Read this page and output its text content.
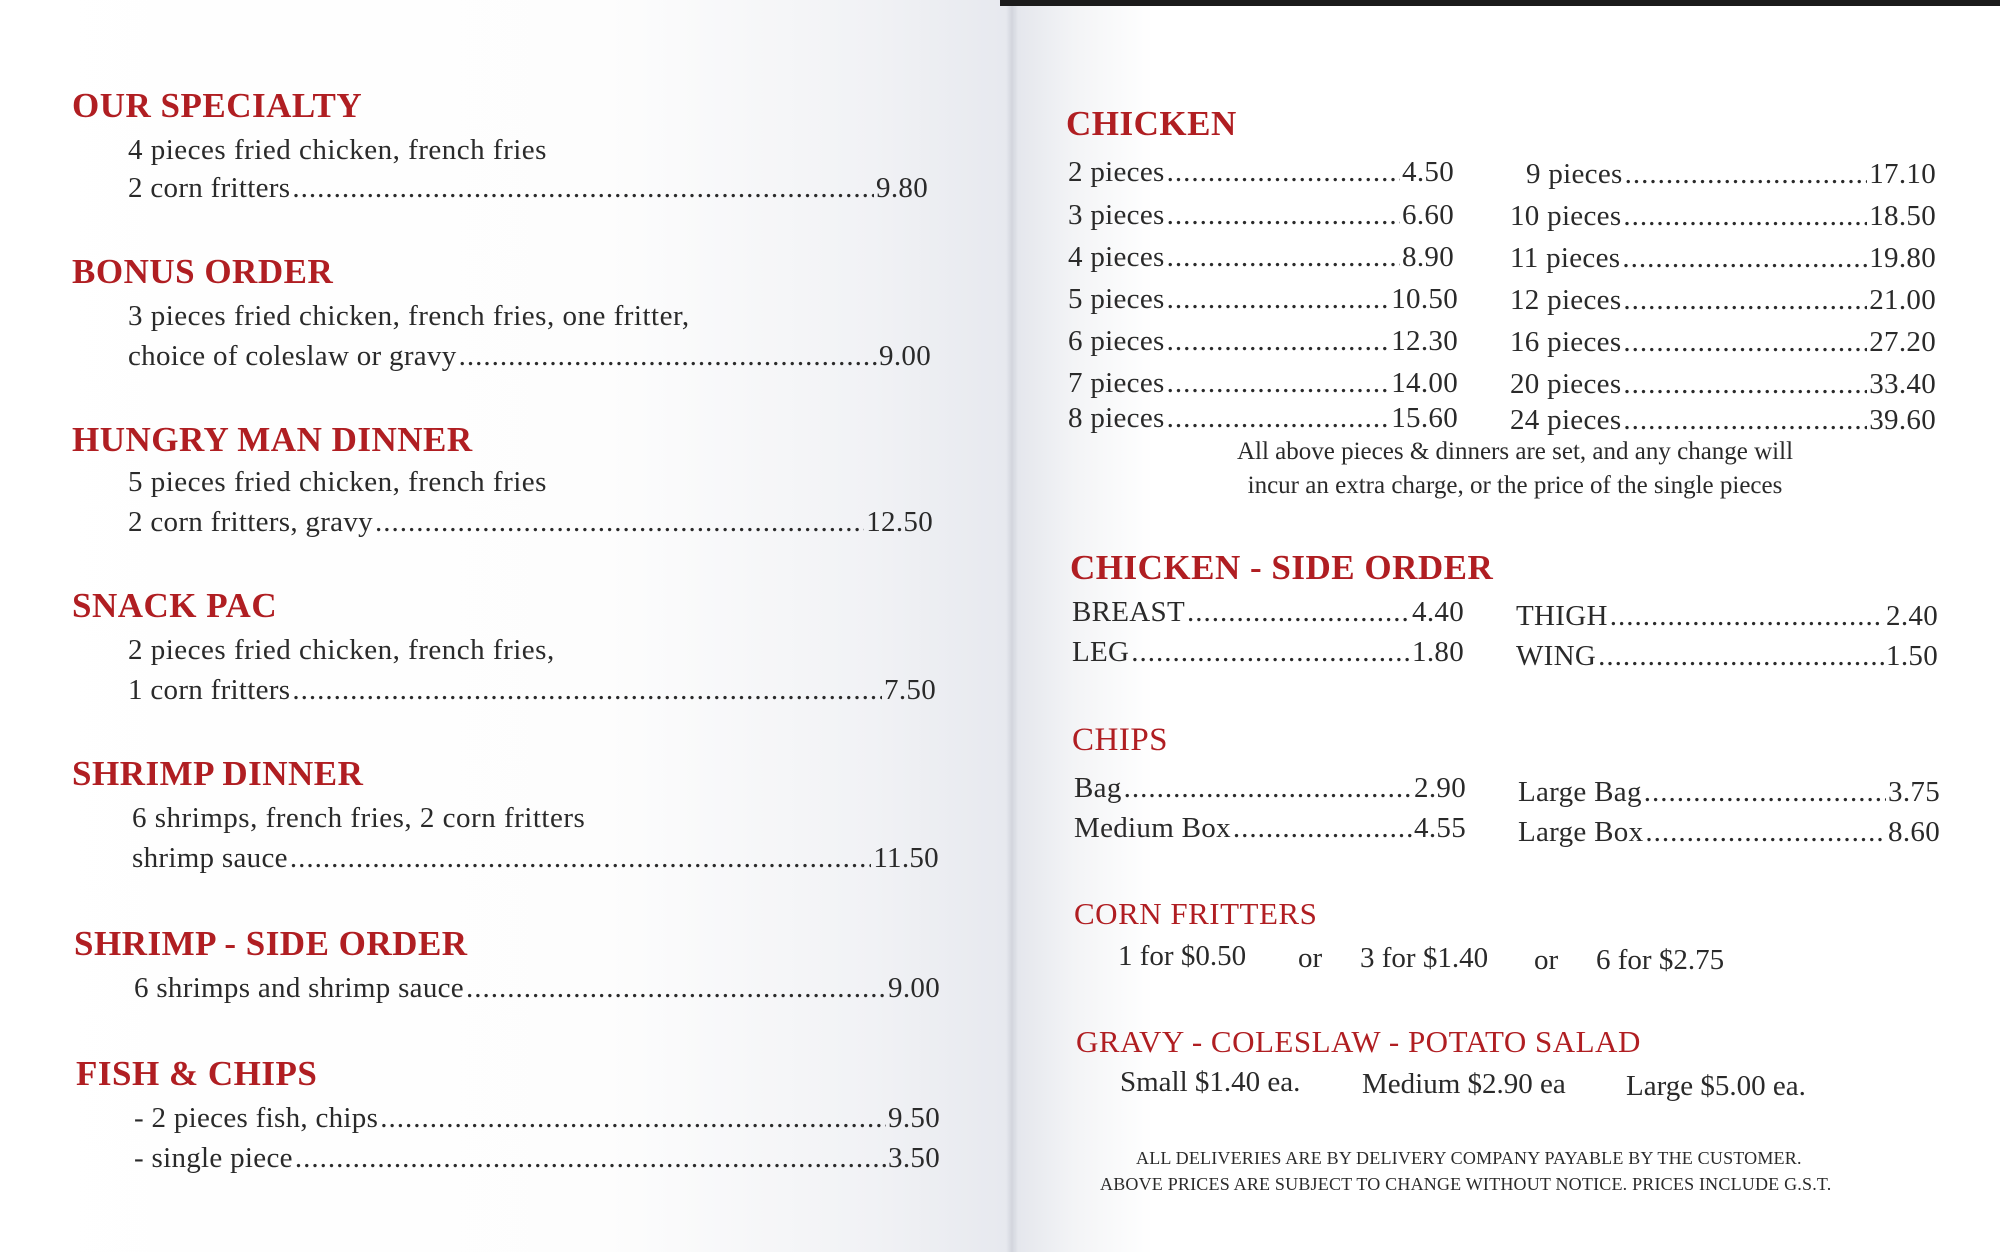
OUR SPECIALTY
4 pieces fried chicken, french fries
2 corn fritters .....	9.80
BONUS ORDER
3 pieces fried chicken, french fries, one fritter,
choice of coleslaw or gravy .....	9.00
HUNGRY MAN DINNER
5 pieces fried chicken, french fries
2 corn fritters, gravy .....	12.50
SNACK PAC
2 pieces fried chicken, french fries,
1 corn fritters .....	7.50
SHRIMP DINNER
6 shrimps, french fries, 2 corn fritters
shrimp sauce .....	11.50
SHRIMP - SIDE ORDER
6 shrimps and shrimp sauce .....	9.00
FISH & CHIPS
- 2 pieces fish, chips .....	9.50
- single piece .....	3.50
CHICKEN
2 pieces .....	4.50
3 pieces .....	6.60
4 pieces .....	8.90
5 pieces .....	10.50
6 pieces .....	12.30
7 pieces .....	14.00
8 pieces .....	15.60
9 pieces .....	17.10
10 pieces .....	18.50
11 pieces .....	19.80
12 pieces .....	21.00
16 pieces .....	27.20
20 pieces .....	33.40
24 pieces .....	39.60
All above pieces & dinners are set, and any change will
incur an extra charge, or the price of the single pieces
CHICKEN - SIDE ORDER
BREAST .....	4.40
LEG .....	1.80
THIGH .....	2.40
WING .....	1.50
CHIPS
Bag .....	2.90
Medium Box .....	4.55
Large Bag .....	3.75
Large Box .....	8.60
CORN FRITTERS
1 for $0.50 or 3 for $1.40 or 6 for $2.75
GRAVY - COLESLAW - POTATO SALAD
Small $1.40 ea. Medium $2.90 ea Large $5.00 ea.
ALL DELIVERIES ARE BY DELIVERY COMPANY PAYABLE BY THE CUSTOMER.
ABOVE PRICES ARE SUBJECT TO CHANGE WITHOUT NOTICE. PRICES INCLUDE G.S.T.
